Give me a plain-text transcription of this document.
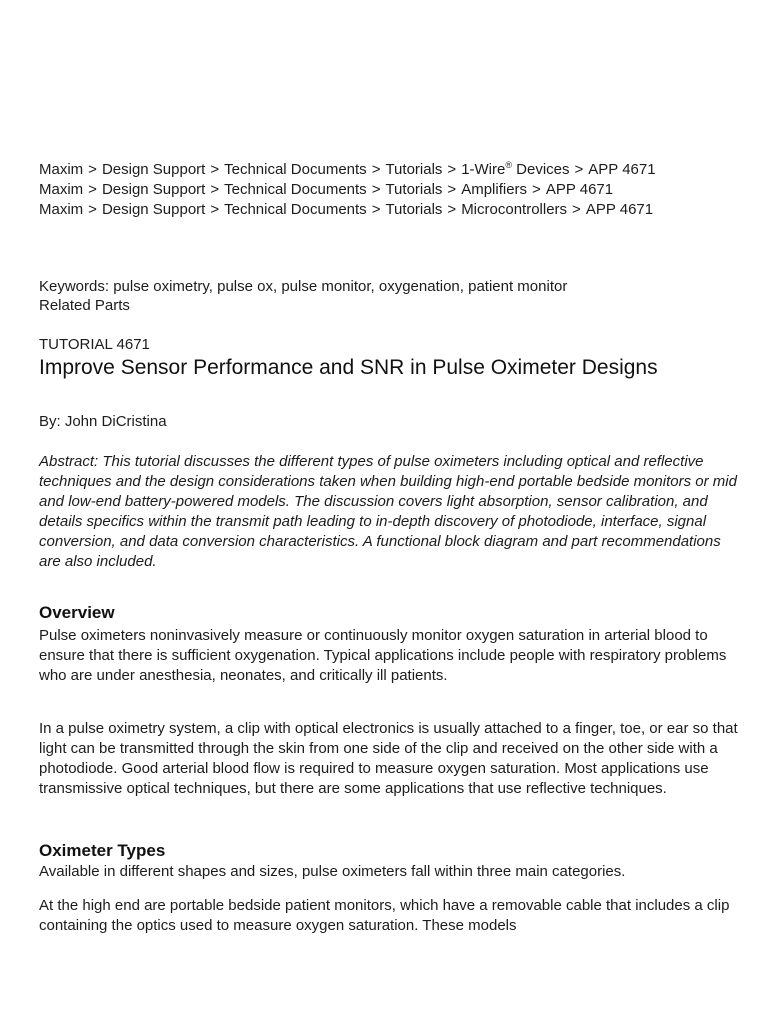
Maxim > Design Support > Technical Documents > Tutorials > 1-Wire® Devices > APP 4671
Maxim > Design Support > Technical Documents > Tutorials > Amplifiers > APP 4671
Maxim > Design Support > Technical Documents > Tutorials > Microcontrollers > APP 4671
Keywords: pulse oximetry, pulse ox, pulse monitor, oxygenation, patient monitor
Related Parts
TUTORIAL 4671
Improve Sensor Performance and SNR in Pulse Oximeter Designs
By: John DiCristina

Abstract: This tutorial discusses the different types of pulse oximeters including optical and reflective techniques and the design considerations taken when building high-end portable bedside monitors or mid and low-end battery-powered models. The discussion covers light absorption, sensor calibration, and details specifics within the transmit path leading to in-depth discovery of photodiode, interface, signal conversion, and data conversion characteristics. A functional block diagram and part recommendations are also included.

Overview

Pulse oximeters noninvasively measure or continuously monitor oxygen saturation in arterial blood to ensure that there is sufficient oxygenation. Typical applications include people with respiratory problems who are under anesthesia, neonates, and critically ill patients.

In a pulse oximetry system, a clip with optical electronics is usually attached to a finger, toe, or ear so that light can be transmitted through the skin from one side of the clip and received on the other side with a photodiode. Good arterial blood flow is required to measure oxygen saturation. Most applications use transmissive optical techniques, but there are some applications that use reflective techniques.

Oximeter Types

Available in different shapes and sizes, pulse oximeters fall within three main categories.

At the high end are portable bedside patient monitors, which have a removable cable that includes a clip containing the optics used to measure oxygen saturation. These models
